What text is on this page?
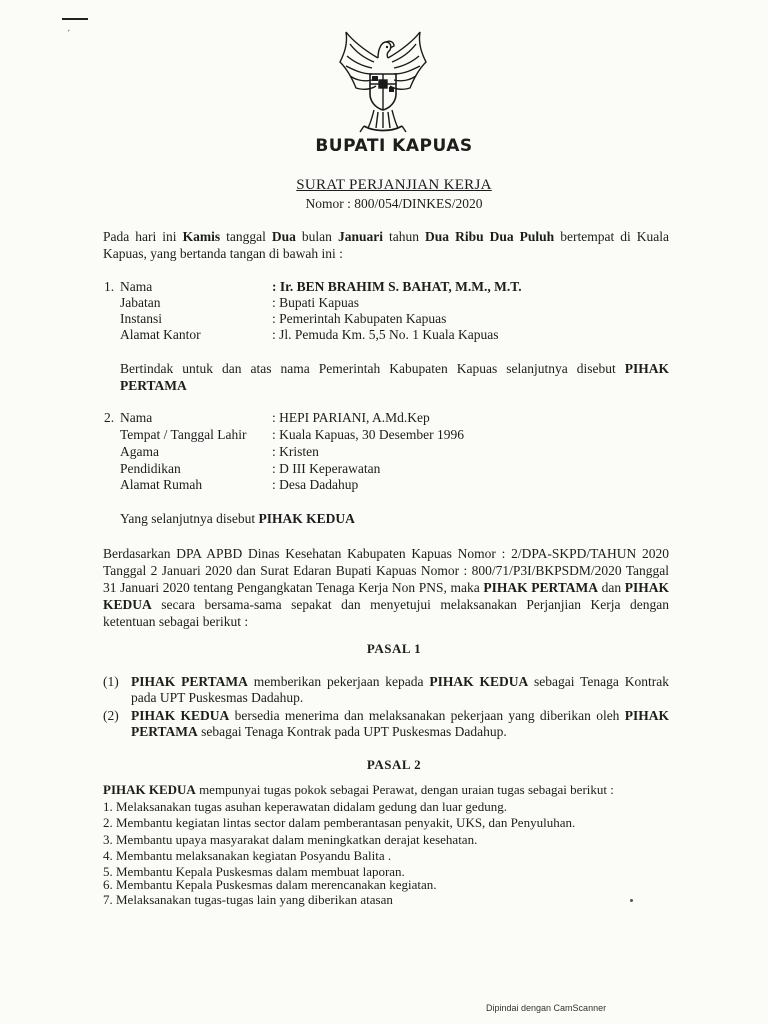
ˊ
BUPATI KAPUAS
SURAT PERJANJIAN KERJA
Nomor : 800/054/DINKES/2020
Pada hari ini Kamis tanggal Dua bulan Januari tahun Dua Ribu Dua Puluh bertempat di Kuala Kapuas, yang bertanda tangan di bawah ini :
1. Nama	: Ir. BEN BRAHIM S. BAHAT, M.M., M.T.
Jabatan	: Bupati Kapuas
Instansi	: Pemerintah Kabupaten Kapuas
Alamat Kantor	: Jl. Pemuda Km. 5,5 No. 1 Kuala Kapuas
Bertindak untuk dan atas nama Pemerintah Kabupaten Kapuas selanjutnya disebut PIHAK PERTAMA
2. Nama	: HEPI PARIANI, A.Md.Kep
Tempat / Tanggal Lahir : Kuala Kapuas, 30 Desember 1996
Agama	: Kristen
Pendidikan	: D III Keperawatan
Alamat Rumah	: Desa Dadahup
Yang selanjutnya disebut PIHAK KEDUA
Berdasarkan DPA APBD Dinas Kesehatan Kabupaten Kapuas Nomor : 2/DPA-SKPD/TAHUN 2020 Tanggal 2 Januari 2020 dan Surat Edaran Bupati Kapuas Nomor : 800/71/P3I/BKPSDM/2020 Tanggal 31 Januari 2020 tentang Pengangkatan Tenaga Kerja Non PNS, maka PIHAK PERTAMA dan PIHAK KEDUA secara bersama-sama sepakat dan menyetujui melaksanakan Perjanjian Kerja dengan ketentuan sebagai berikut :
PASAL 1
(1) PIHAK PERTAMA memberikan pekerjaan kepada PIHAK KEDUA sebagai Tenaga Kontrak pada UPT Puskesmas Dadahup.
(2) PIHAK KEDUA bersedia menerima dan melaksanakan pekerjaan yang diberikan oleh PIHAK PERTAMA sebagai Tenaga Kontrak pada UPT Puskesmas Dadahup.
PASAL 2
PIHAK KEDUA mempunyai tugas pokok sebagai Perawat, dengan uraian tugas sebagai berikut :
1. Melaksanakan tugas asuhan keperawatan didalam gedung dan luar gedung.
2. Membantu kegiatan lintas sector dalam pemberantasan penyakit, UKS, dan Penyuluhan.
3. Membantu upaya masyarakat dalam meningkatkan derajat kesehatan.
4. Membantu melaksanakan kegiatan Posyandu Balita .
5. Membantu Kepala Puskesmas dalam membuat laporan.
6. Membantu Kepala Puskesmas dalam merencanakan kegiatan.
7. Melaksanakan tugas-tugas lain yang diberikan atasan
Dipindai dengan CamScanner
